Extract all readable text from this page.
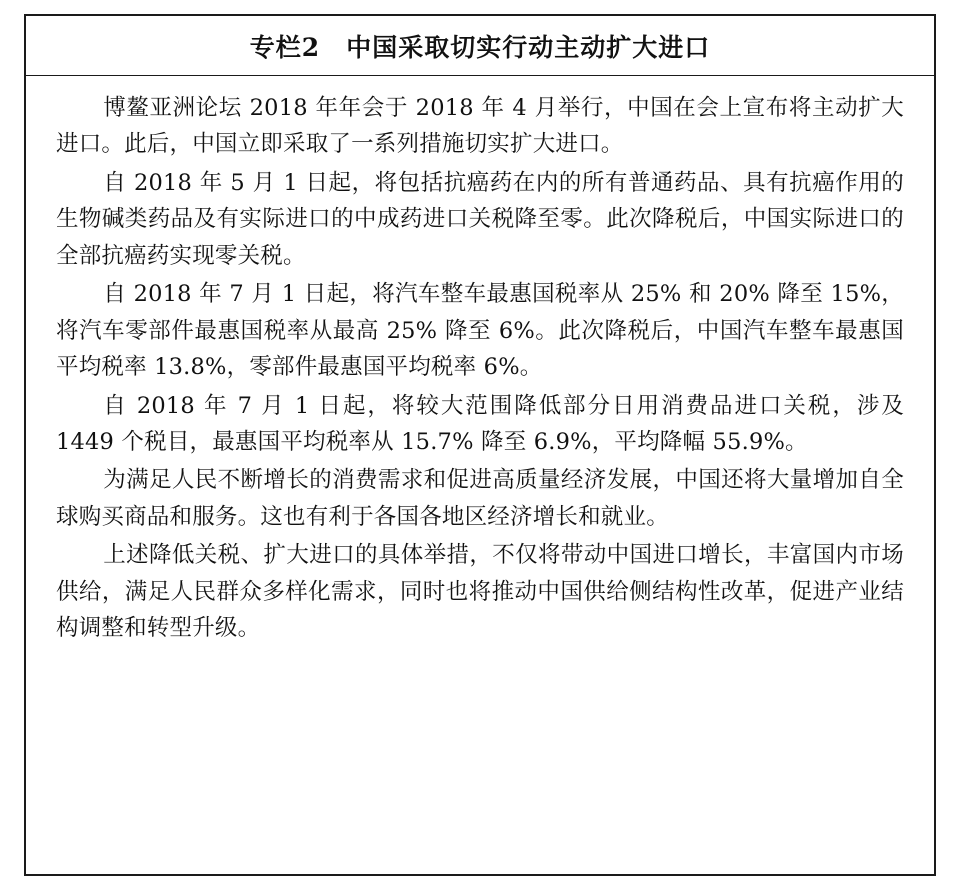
专栏2 中国采取切实行动主动扩大进口

博鳌亚洲论坛 2018 年年会于 2018 年 4 月举行，中国在会上宣布将主动扩大进口。此后，中国立即采取了一系列措施切实扩大进口。

自 2018 年 5 月 1 日起，将包括抗癌药在内的所有普通药品、具有抗癌作用的生物碱类药品及有实际进口的中成药进口关税降至零。此次降税后，中国实际进口的全部抗癌药实现零关税。

自 2018 年 7 月 1 日起，将汽车整车最惠国税率从 25% 和 20% 降至 15%，将汽车零部件最惠国税率从最高 25% 降至 6%。此次降税后，中国汽车整车最惠国平均税率 13.8%，零部件最惠国平均税率 6%。

自 2018 年 7 月 1 日起，将较大范围降低部分日用消费品进口关税，涉及 1449 个税目，最惠国平均税率从 15.7% 降至 6.9%，平均降幅 55.9%。

为满足人民不断增长的消费需求和促进高质量经济发展，中国还将大量增加自全球购买商品和服务。这也有利于各国各地区经济增长和就业。

上述降低关税、扩大进口的具体举措，不仅将带动中国进口增长，丰富国内市场供给，满足人民群众多样化需求，同时也将推动中国供给侧结构性改革，促进产业结构调整和转型升级。
